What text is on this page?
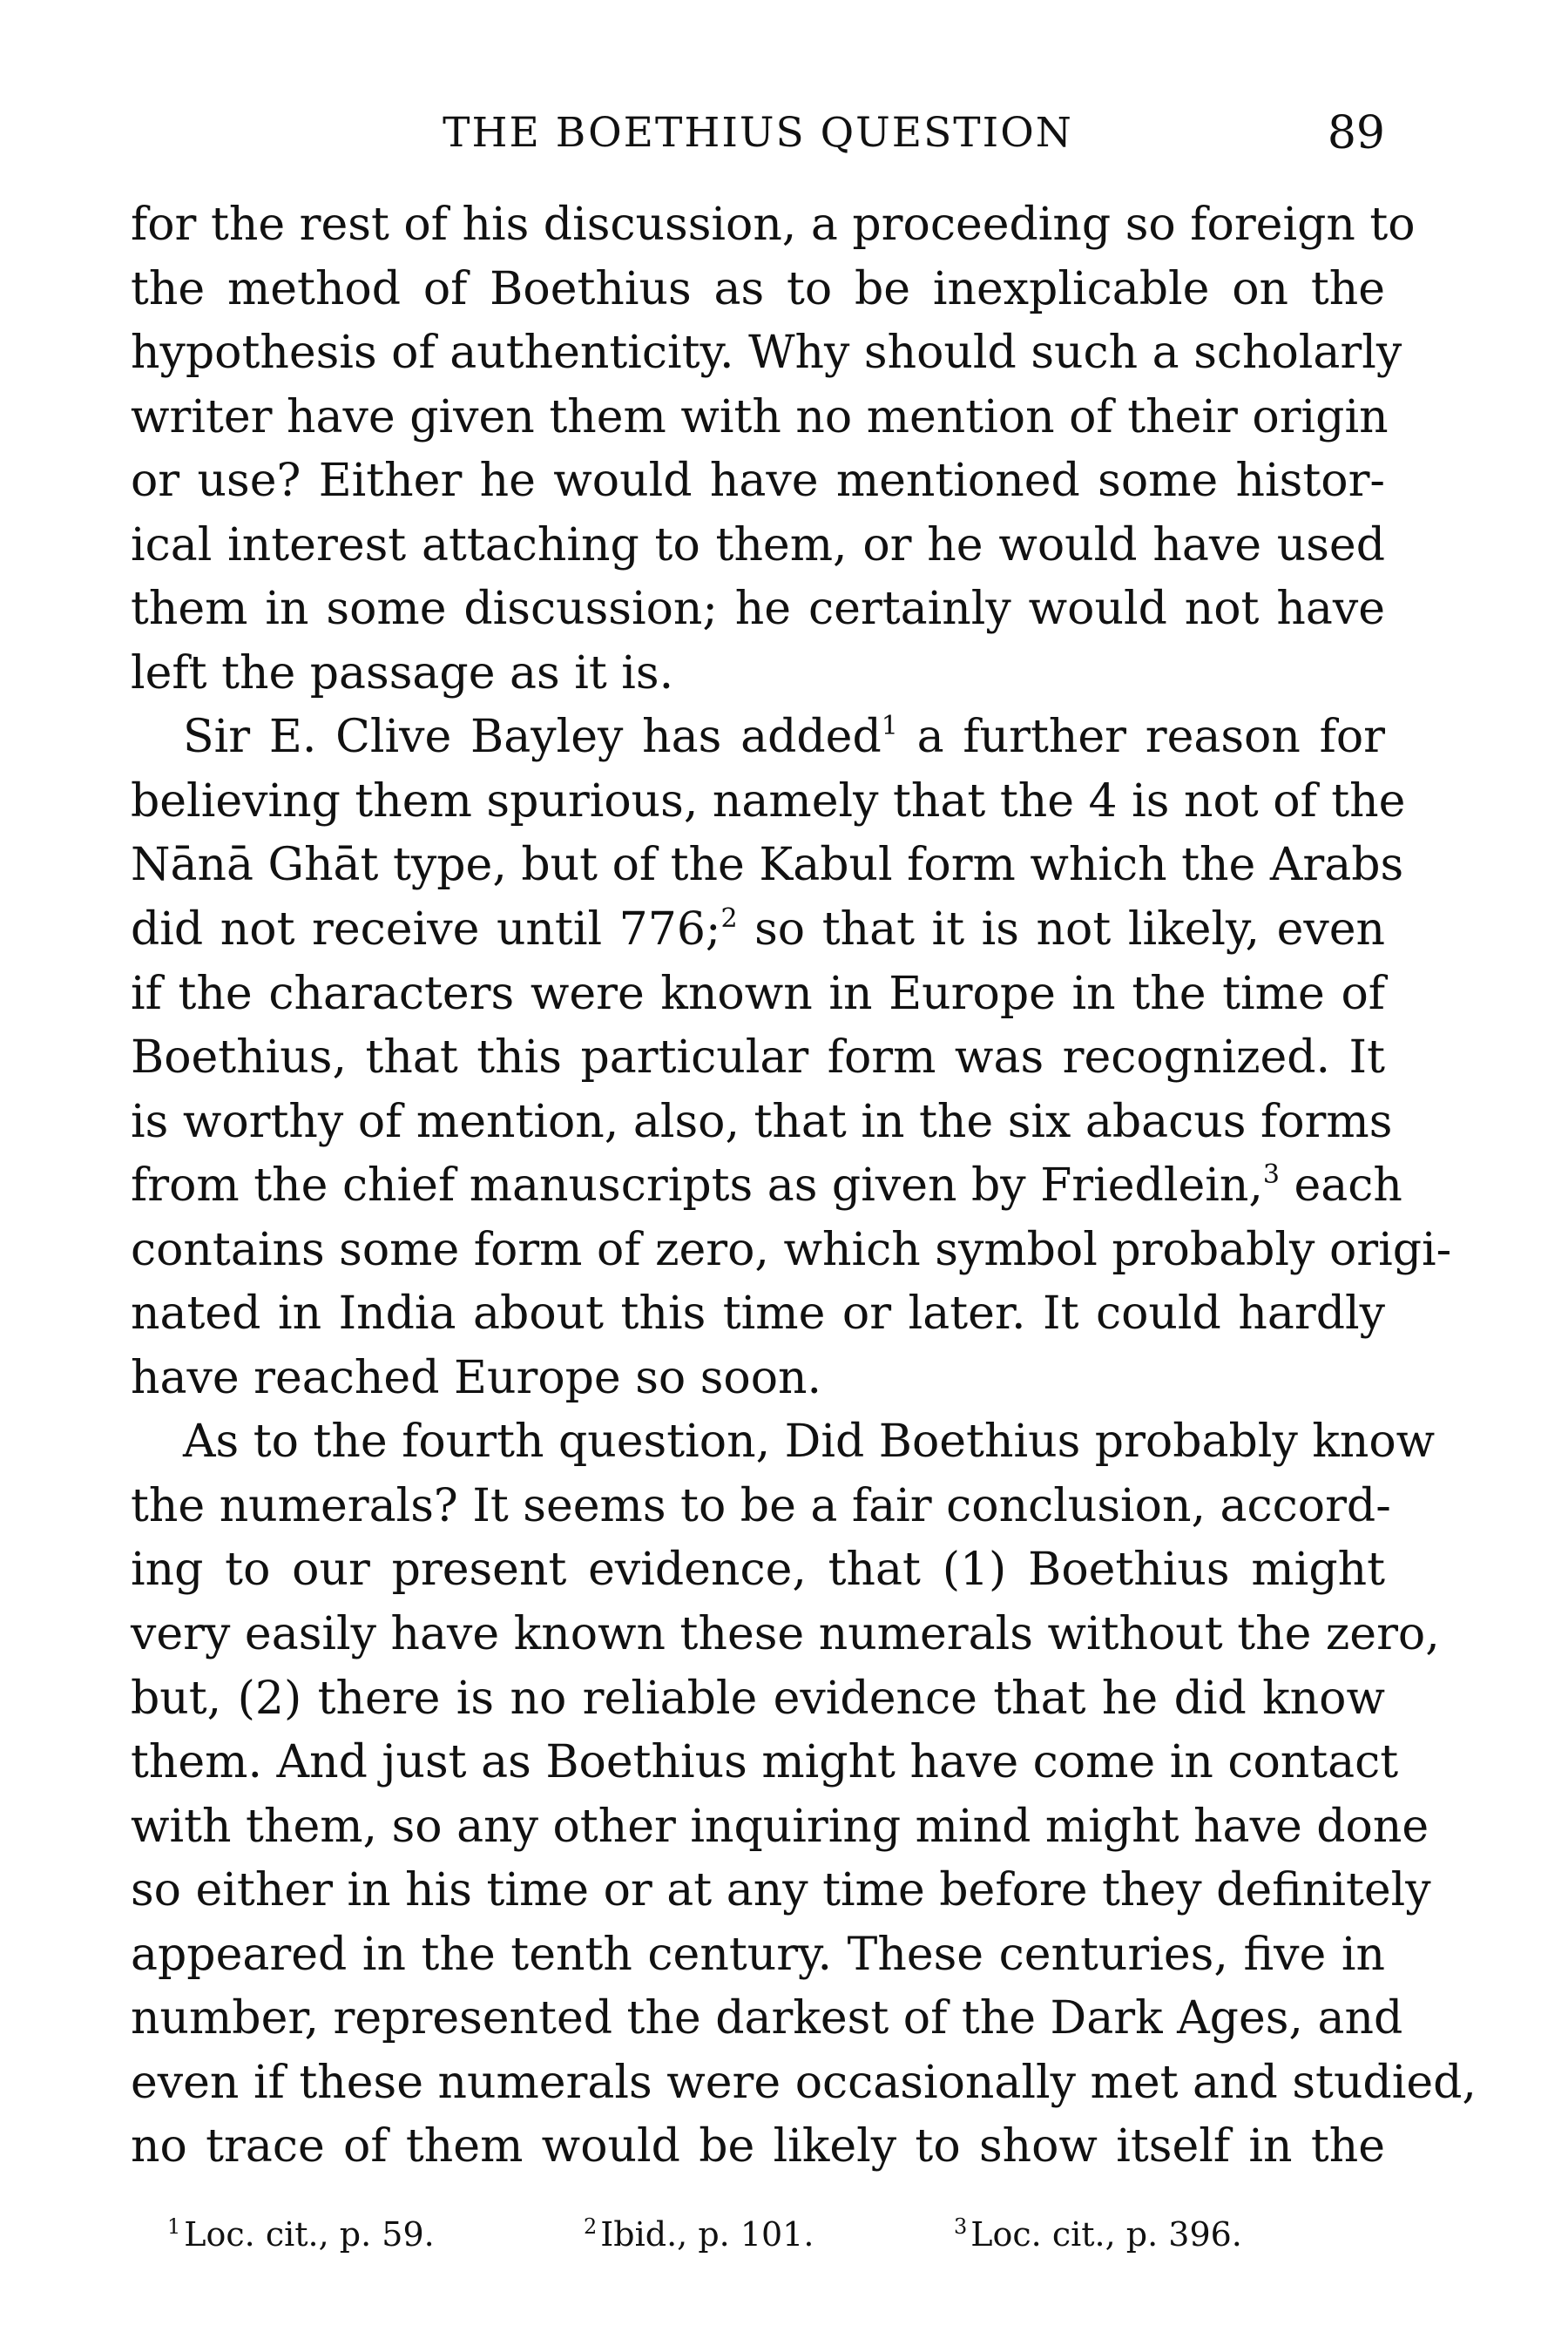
THE BOETHIUS QUESTION	89
for the rest of his discussion, a proceeding so foreign to
the method of Boethius as to be inexplicable on the
hypothesis of authenticity. Why should such a scholarly
writer have given them with no mention of their origin
or use? Either he would have mentioned some histor-
ical interest attaching to them, or he would have used
them in some discussion; he certainly would not have
left the passage as it is.
Sir E. Clive Bayley has added$^1$ a further reason for
believing them spurious, namely that the 4 is not of the
Nānā Ghāt type, but of the Kabul form which the Arabs
did not receive until 776;$^2$ so that it is not likely, even
if the characters were known in Europe in the time of
Boethius, that this particular form was recognized. It
is worthy of mention, also, that in the six abacus forms
from the chief manuscripts as given by Friedlein,$^3$ each
contains some form of zero, which symbol probably origi-
nated in India about this time or later. It could hardly
have reached Europe so soon.
As to the fourth question, Did Boethius probably know
the numerals? It seems to be a fair conclusion, accord-
ing to our present evidence, that (1) Boethius might
very easily have known these numerals without the zero,
but, (2) there is no reliable evidence that he did know
them. And just as Boethius might have come in contact
with them, so any other inquiring mind might have done
so either in his time or at any time before they definitely
appeared in the tenth century. These centuries, five in
number, represented the darkest of the Dark Ages, and
even if these numerals were occasionally met and studied,
no trace of them would be likely to show itself in the
$^1$ Loc. cit., p. 59.	$^2$ Ibid., p. 101.	$^3$ Loc. cit., p. 396.
